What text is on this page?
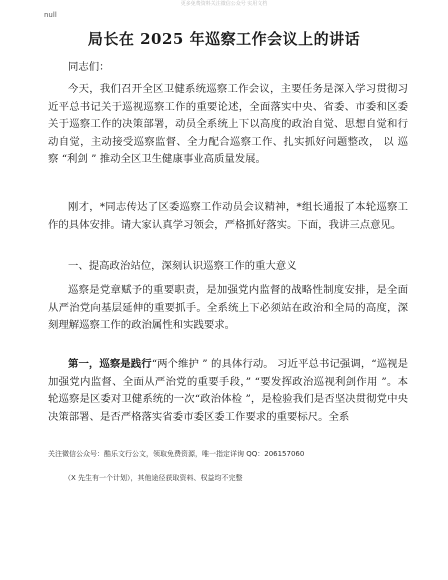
更多免费资料关注微信公众号 实用文档
null
局长在 2025 年巡察工作会议上的讲话

同志们：

今天，我们召开全区卫健系统巡察工作会议，主要任务是深入学习贯彻习近平总书记关于巡视巡察工作的重要论述，全面落实中央、省委、市委和区委关于巡察工作的决策部署，动员全系统上下以高度的政治自觉、思想自觉和行动自觉，主动接受巡察监督、全力配合巡察工作、扎实抓好问题整改， 以 巡 察 “利剑 ” 推动全区卫生健康事业高质量发展。

刚才，*同志传达了区委巡察工作动员会议精神，*组长通报了本轮巡察工作的具体安排。请大家认真学习领会，严格抓好落实。下面，我讲三点意见。

一、提高政治站位，深刻认识巡察工作的重大意义

巡察是党章赋予的重要职责，是加强党内监督的战略性制度安排，是全面从严治党向基层延伸的重要抓手。全系统上下必须站在政治和全局的高度，深刻理解巡察工作的政治属性和实践要求。

第一，巡察是践行“两个维护 ” 的具体行动。 习近平总书记强调，“巡视是加强党内监督、全面从严治党的重要手段，” “要发挥政治巡视利剑作用 ”。本轮巡察是区委对卫健系统的一次“政治体检 ”，是检验我们是否坚决贯彻党中央决策部署、是否严格落实省委市委区委工作要求的重要标尺。全系

关注微信公众号：酷乐文行公文，领取免费资源，唯一指定详询 QQ：206157060

（X 先生有一个计划），其他途径获取资料、权益均不完整
